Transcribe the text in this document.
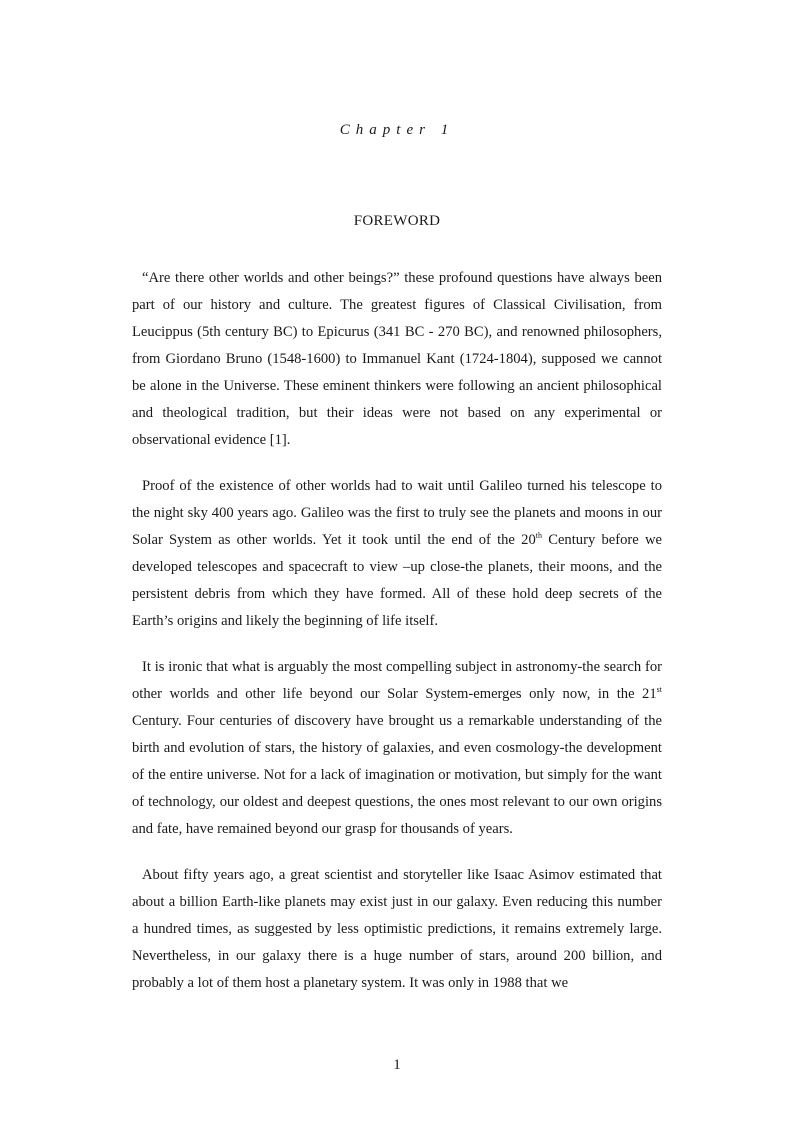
Chapter 1
FOREWORD

“Are there other worlds and other beings?” these profound questions have always been part of our history and culture. The greatest figures of Classical Civilisation, from Leucippus (5th century BC) to Epicurus (341 BC - 270 BC), and renowned philosophers, from Giordano Bruno (1548-1600) to Immanuel Kant (1724-1804), supposed we cannot be alone in the Universe. These eminent thinkers were following an ancient philosophical and theological tradition, but their ideas were not based on any experimental or observational evidence [1].

Proof of the existence of other worlds had to wait until Galileo turned his telescope to the night sky 400 years ago. Galileo was the first to truly see the planets and moons in our Solar System as other worlds. Yet it took until the end of the 20th Century before we developed telescopes and spacecraft to view –up close-the planets, their moons, and the persistent debris from which they have formed. All of these hold deep secrets of the Earth’s origins and likely the beginning of life itself.

It is ironic that what is arguably the most compelling subject in astronomy-the search for other worlds and other life beyond our Solar System-emerges only now, in the 21st Century. Four centuries of discovery have brought us a remarkable understanding of the birth and evolution of stars, the history of galaxies, and even cosmology-the development of the entire universe. Not for a lack of imagination or motivation, but simply for the want of technology, our oldest and deepest questions, the ones most relevant to our own origins and fate, have remained beyond our grasp for thousands of years.

About fifty years ago, a great scientist and storyteller like Isaac Asimov estimated that about a billion Earth-like planets may exist just in our galaxy. Even reducing this number a hundred times, as suggested by less optimistic predictions, it remains extremely large. Nevertheless, in our galaxy there is a huge number of stars, around 200 billion, and probably a lot of them host a planetary system. It was only in 1988 that we

1
